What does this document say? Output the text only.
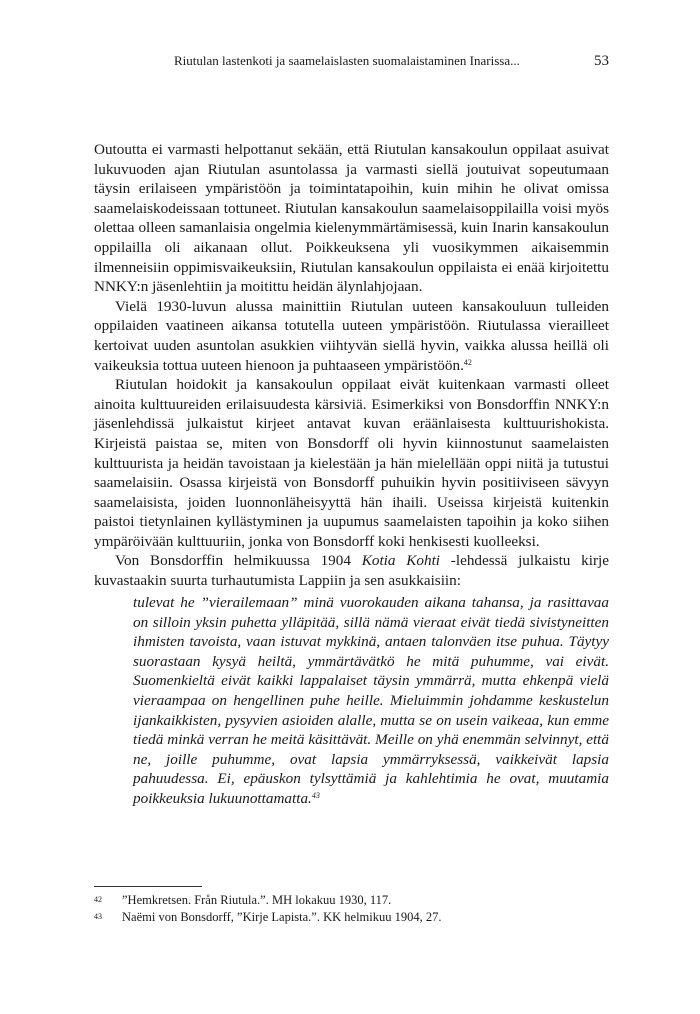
Riutulan lastenkoti ja saamelaislasten suomalaistaminen Inarissa...	53

Outoutta ei varmasti helpottanut sekään, että Riutulan kansakoulun oppilaat asuivat lukuvuoden ajan Riutulan asuntolassa ja varmasti siellä joutuivat sopeutumaan täysin erilaiseen ympäristöön ja toimintatapoihin, kuin mihin he olivat omissa saamelaiskodeissaan tottuneet. Riutulan kansakoulun saamelaisoppilailla voisi myös olettaa olleen samanlaisia ongelmia kielenymmärtämisessä, kuin Inarin kansakoulun oppilailla oli aikanaan ollut. Poikkeuksena yli vuosikymmen aikaisemmin ilmenneisiin oppimisvaikeuksiin, Riutulan kansakoulun oppilaista ei enää kirjoitettu NNKY:n jäsenlehtiin ja moitittu heidän älynlahjojaan.

Vielä 1930-luvun alussa mainittiin Riutulan uuteen kansakouluun tulleiden oppilaiden vaatineen aikansa totutella uuteen ympäristöön. Riutulassa vierailleet kertoivat uuden asuntolan asukkien viihtyvän siellä hyvin, vaikka alussa heillä oli vaikeuksia tottua uuteen hienoon ja puhtaaseen ympäristöön.$^{42}$

Riutulan hoidokit ja kansakoulun oppilaat eivät kuitenkaan varmasti olleet ainoita kulttuureiden erilaisuudesta kärsiviä. Esimerkiksi von Bonsdorffin NNKY:n jäsenlehdissä julkaistut kirjeet antavat kuvan eräänlaisesta kulttuurishokista. Kirjeistä paistaa se, miten von Bonsdorff oli hyvin kiinnostunut saamelaisten kulttuurista ja heidän tavoistaan ja kielestään ja hän mielellään oppi niitä ja tutustui saamelaisiin. Osassa kirjeistä von Bonsdorff puhuikin hyvin positiiviseen sävyyn saamelaisista, joiden luonnonläheisyyttä hän ihaili. Useissa kirjeistä kuitenkin paistoi tietynlainen kyllästyminen ja uupumus saamelaisten tapoihin ja koko siihen ympäröivään kulttuuriin, jonka von Bonsdorff koki henkisesti kuolleeksi.

Von Bonsdorffin helmikuussa 1904 Kotia Kohti -lehdessä julkaistu kirje kuvastaakin suurta turhautumista Lappiin ja sen asukkaisiin:

tulevat he ”vierailemaan” minä vuorokauden aikana tahansa, ja rasittavaa on silloin yksin puhetta ylläpitää, sillä nämä vieraat eivät tiedä sivistyneitten ihmisten tavoista, vaan istuvat mykkinä, antaen talonväen itse puhua. Täytyy suorastaan kysyä heiltä, ymmärtävätkö he mitä puhumme, vai eivät. Suomenkieltä eivät kaikki lappalaiset täysin ymmärrä, mutta ehkenpä vielä vieraampaa on hengellinen puhe heille. Mieluimmin johdamme keskustelun ijankaikkisten, pysyvien asioiden alalle, mutta se on usein vaikeaa, kun emme tiedä minkä verran he meitä käsittävät. Meille on yhä enemmän selvinnyt, että ne, joille puhumme, ovat lapsia ymmärryksessä, vaikkeivät lapsia pahuudessa. Ei, epäuskon tylsyttämiä ja kahlehtimia he ovat, muutamia poikkeuksia lukuunottamatta.$^{43}$

42 ”Hemkretsen. Från Riutula.”. MH lokakuu 1930, 117.
43 Naëmi von Bonsdorff, ”Kirje Lapista.”. KK helmikuu 1904, 27.
